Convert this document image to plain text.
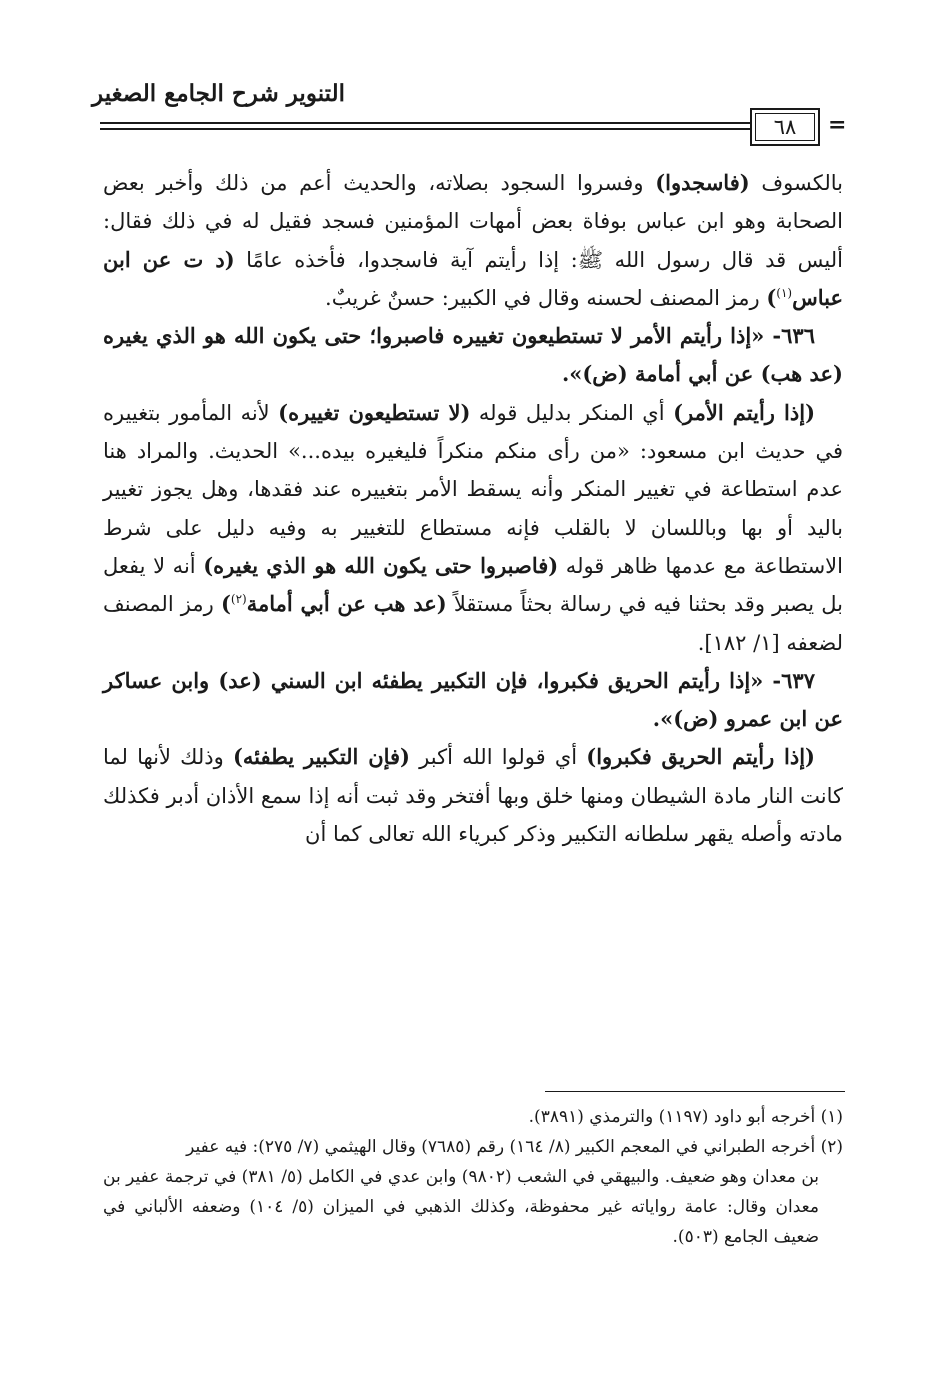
التنوير شرح الجامع الصغير
٦٨	=

بالكسوف (فاسجدوا) وفسروا السجود بصلاته، والحديث أعم من ذلك وأخبر بعض الصحابة وهو ابن عباس بوفاة بعض أمهات المؤمنين فسجد فقيل له في ذلك فقال: أليس قد قال رسول الله ﷺ: إذا رأيتم آية فاسجدوا، فأخذه عامًا (د ت عن ابن عباس$^{(١)}$) رمز المصنف لحسنه وقال في الكبير: حسنٌ غريبٌ.

٦٣٦- «إذا رأيتم الأمر لا تستطيعون تغييره فاصبروا؛ حتى يكون الله هو الذي يغيره (عد هب) عن أبي أمامة (ض)».

(إذا رأيتم الأمر) أي المنكر بدليل قوله (لا تستطيعون تغييره) لأنه المأمور بتغييره في حديث ابن مسعود: «من رأى منكم منكراً فليغيره بيده...» الحديث. والمراد هنا عدم استطاعة في تغيير المنكر وأنه يسقط الأمر بتغييره عند فقدها، وهل يجوز تغيير باليد أو بها وباللسان لا بالقلب فإنه مستطاع للتغيير به وفيه دليل على شرط الاستطاعة مع عدمها ظاهر قوله (فاصبروا حتى يكون الله هو الذي يغيره) أنه لا يفعل بل يصبر وقد بحثنا فيه في رسالة بحثاً مستقلاً (عد هب عن أبي أمامة$^{(٢)}$) رمز المصنف لضعفه [١/ ١٨٢].

٦٣٧- «إذا رأيتم الحريق فكبروا، فإن التكبير يطفئه ابن السني (عد) وابن عساكر عن ابن عمرو (ض)».

(إذا رأيتم الحريق فكبروا) أي قولوا الله أكبر (فإن التكبير يطفئه) وذلك لأنها لما كانت النار مادة الشيطان ومنها خلق وبها أفتخر وقد ثبت أنه إذا سمع الأذان أدبر فكذلك مادته وأصله يقهر سلطانه التكبير وذكر كبرياء الله تعالى كما أن

(١) أخرجه أبو داود (١١٩٧) والترمذي (٣٨٩١).

(٢) أخرجه الطبراني في المعجم الكبير (٨/ ١٦٤) رقم (٧٦٨٥) وقال الهيثمي (٧/ ٢٧٥): فيه عفير

بن معدان وهو ضعيف. والبيهقي في الشعب (٩٨٠٢) وابن عدي في الكامل (٥/ ٣٨١) في ترجمة عفير بن معدان وقال: عامة رواياته غير محفوظة، وكذلك الذهبي في الميزان (٥/ ١٠٤) وضعفه الألباني في ضعيف الجامع (٥٠٣).
